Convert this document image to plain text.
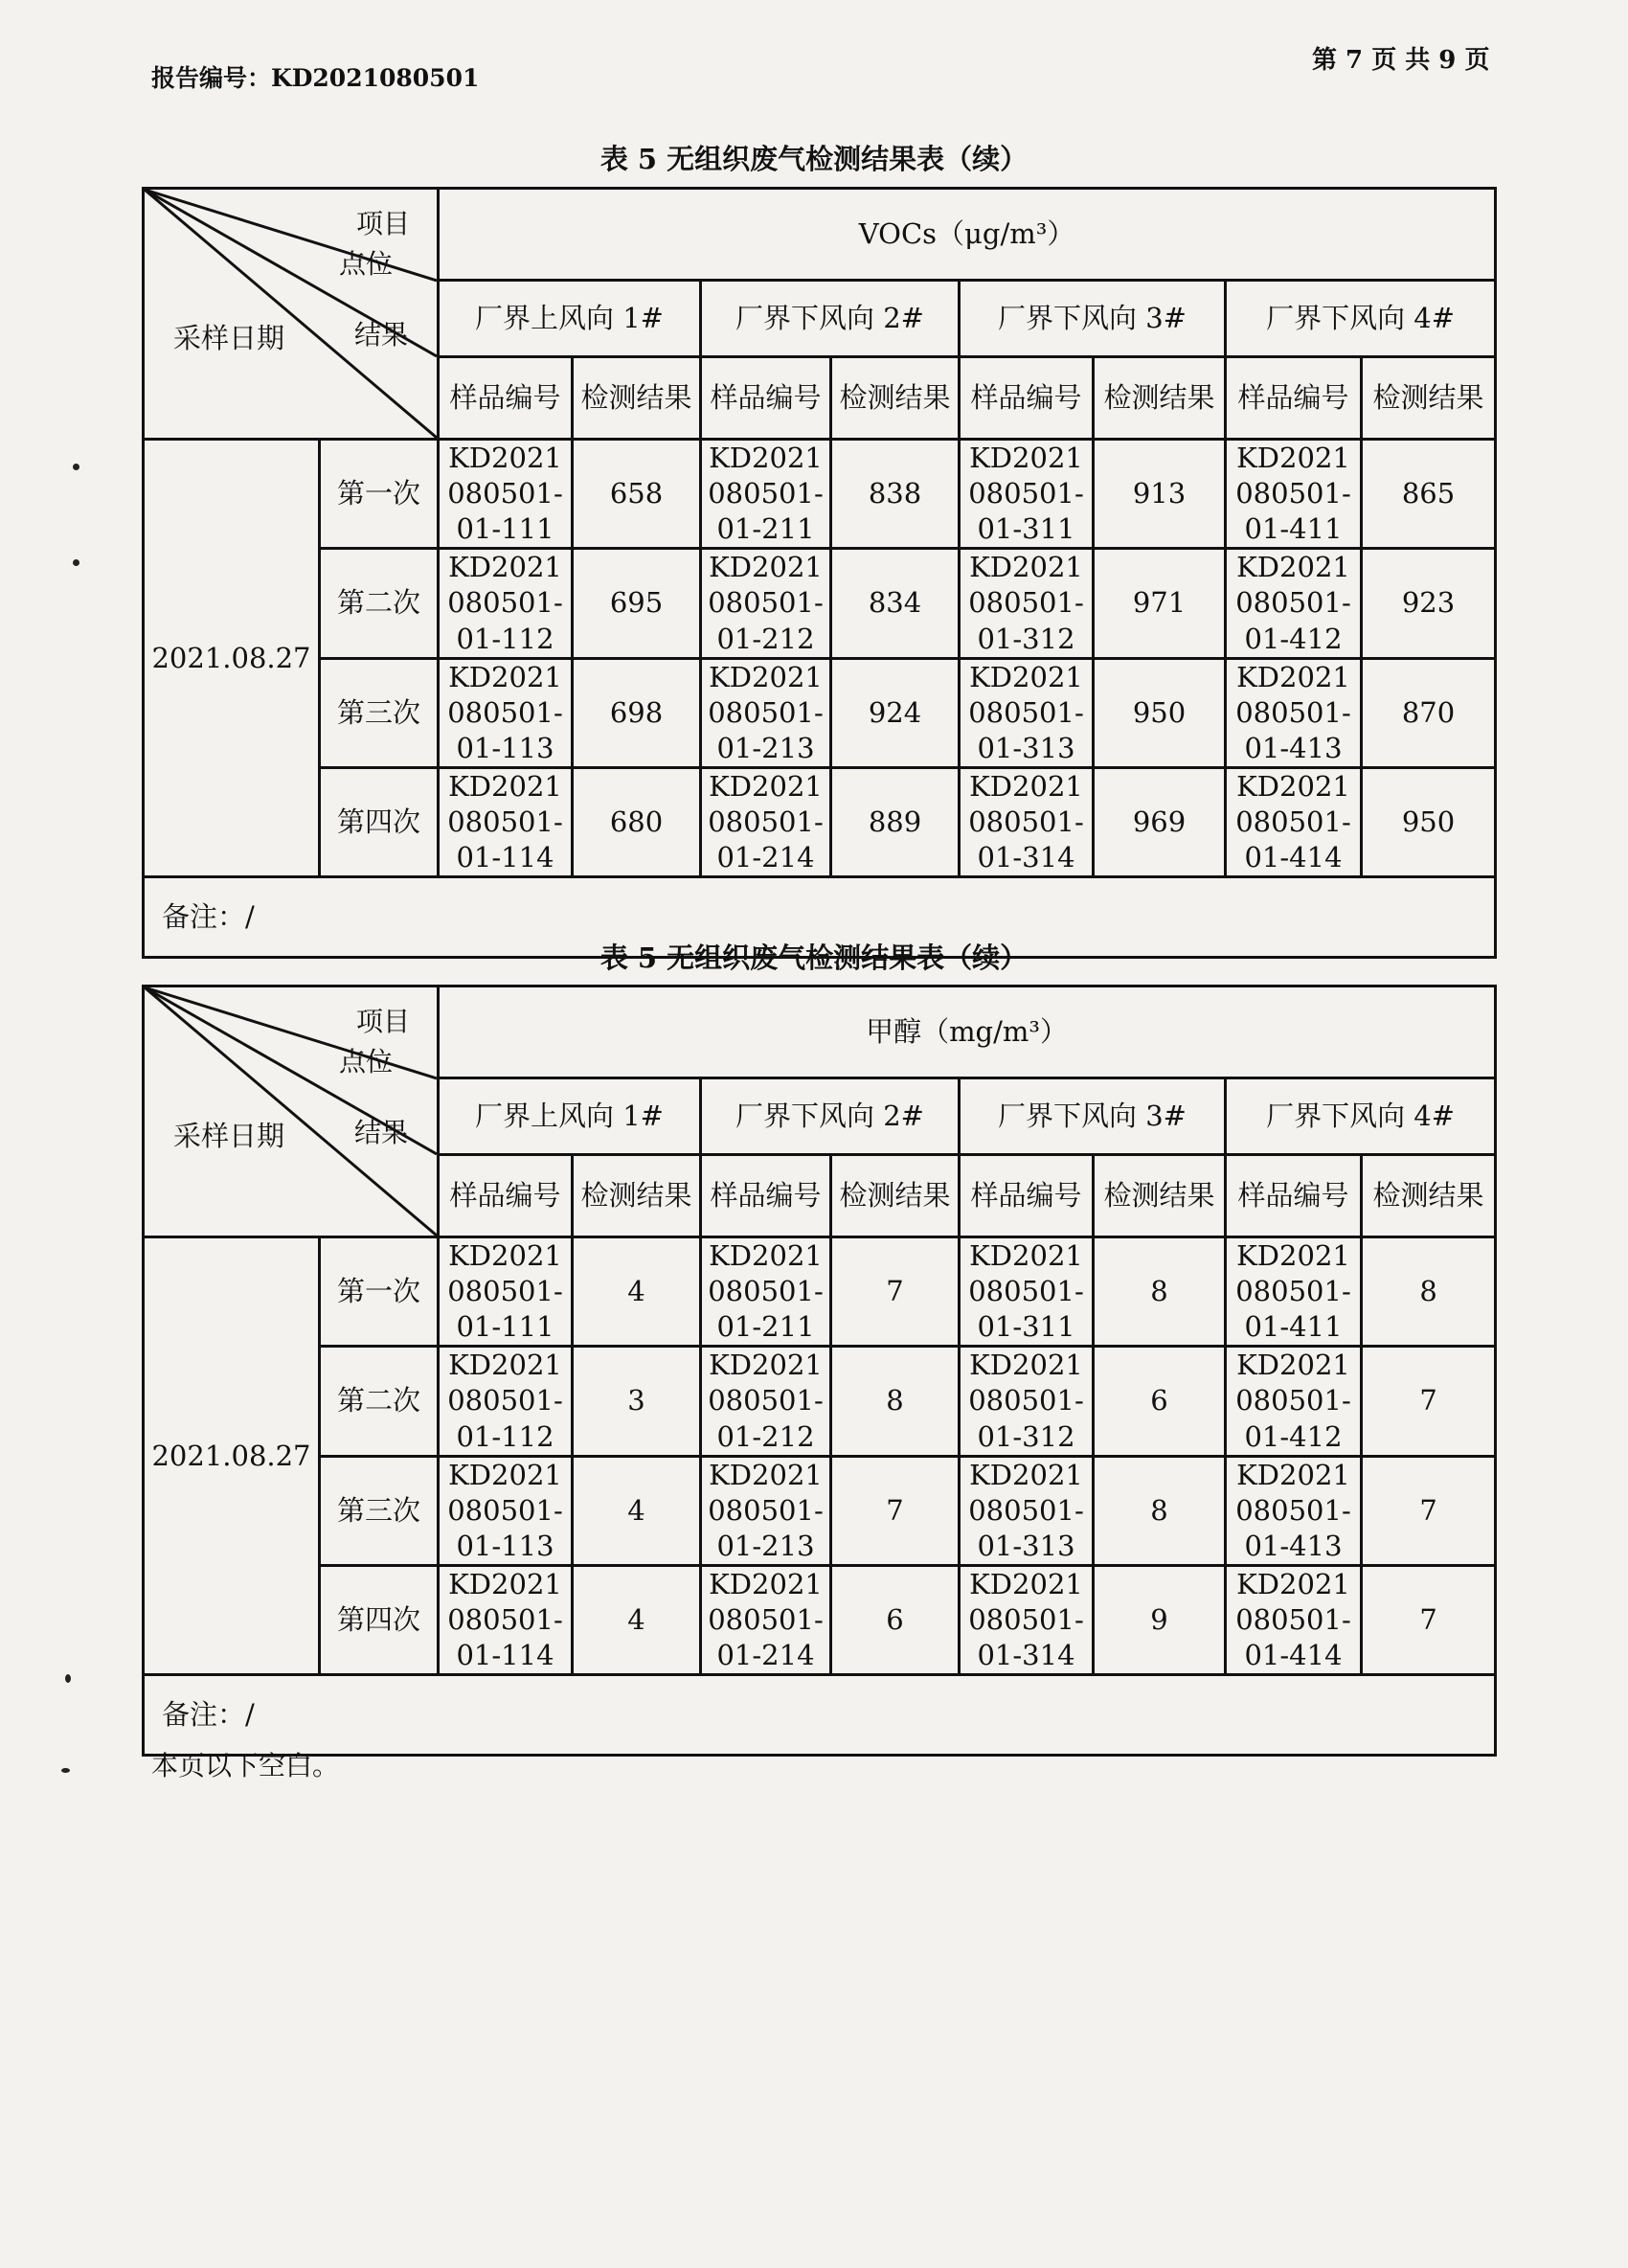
报告编号：KD2021080501
第 7 页 共 9 页
表 5 无组织废气检测结果表（续）
项目
点位
结果
采样日期		VOCs（μg/m³）							
		厂界上风向 1#		厂界下风向 2#		厂界下风向 3#		厂界下风向 4#	
		样品编号	检测结果	样品编号	检测结果	样品编号	检测结果	样品编号	检测结果
2021.08.27	第一次	KD2021 080501- 01-111	658	KD2021 080501- 01-211	838	KD2021 080501- 01-311	913	KD2021 080501- 01-411	865
	第二次	KD2021 080501- 01-112	695	KD2021 080501- 01-212	834	KD2021 080501- 01-312	971	KD2021 080501- 01-412	923
	第三次	KD2021 080501- 01-113	698	KD2021 080501- 01-213	924	KD2021 080501- 01-313	950	KD2021 080501- 01-413	870
	第四次	KD2021 080501- 01-114	680	KD2021 080501- 01-214	889	KD2021 080501- 01-314	969	KD2021 080501- 01-414	950
备注：/									
表 5 无组织废气检测结果表（续）
项目
点位
结果
采样日期		甲醇（mg/m³）							
		厂界上风向 1#		厂界下风向 2#		厂界下风向 3#		厂界下风向 4#	
		样品编号	检测结果	样品编号	检测结果	样品编号	检测结果	样品编号	检测结果
2021.08.27	第一次	KD2021 080501- 01-111	4	KD2021 080501- 01-211	7	KD2021 080501- 01-311	8	KD2021 080501- 01-411	8
	第二次	KD2021 080501- 01-112	3	KD2021 080501- 01-212	8	KD2021 080501- 01-312	6	KD2021 080501- 01-412	7
	第三次	KD2021 080501- 01-113	4	KD2021 080501- 01-213	7	KD2021 080501- 01-313	8	KD2021 080501- 01-413	7
	第四次	KD2021 080501- 01-114	4	KD2021 080501- 01-214	6	KD2021 080501- 01-314	9	KD2021 080501- 01-414	7
备注：/									
本页以下空白。
